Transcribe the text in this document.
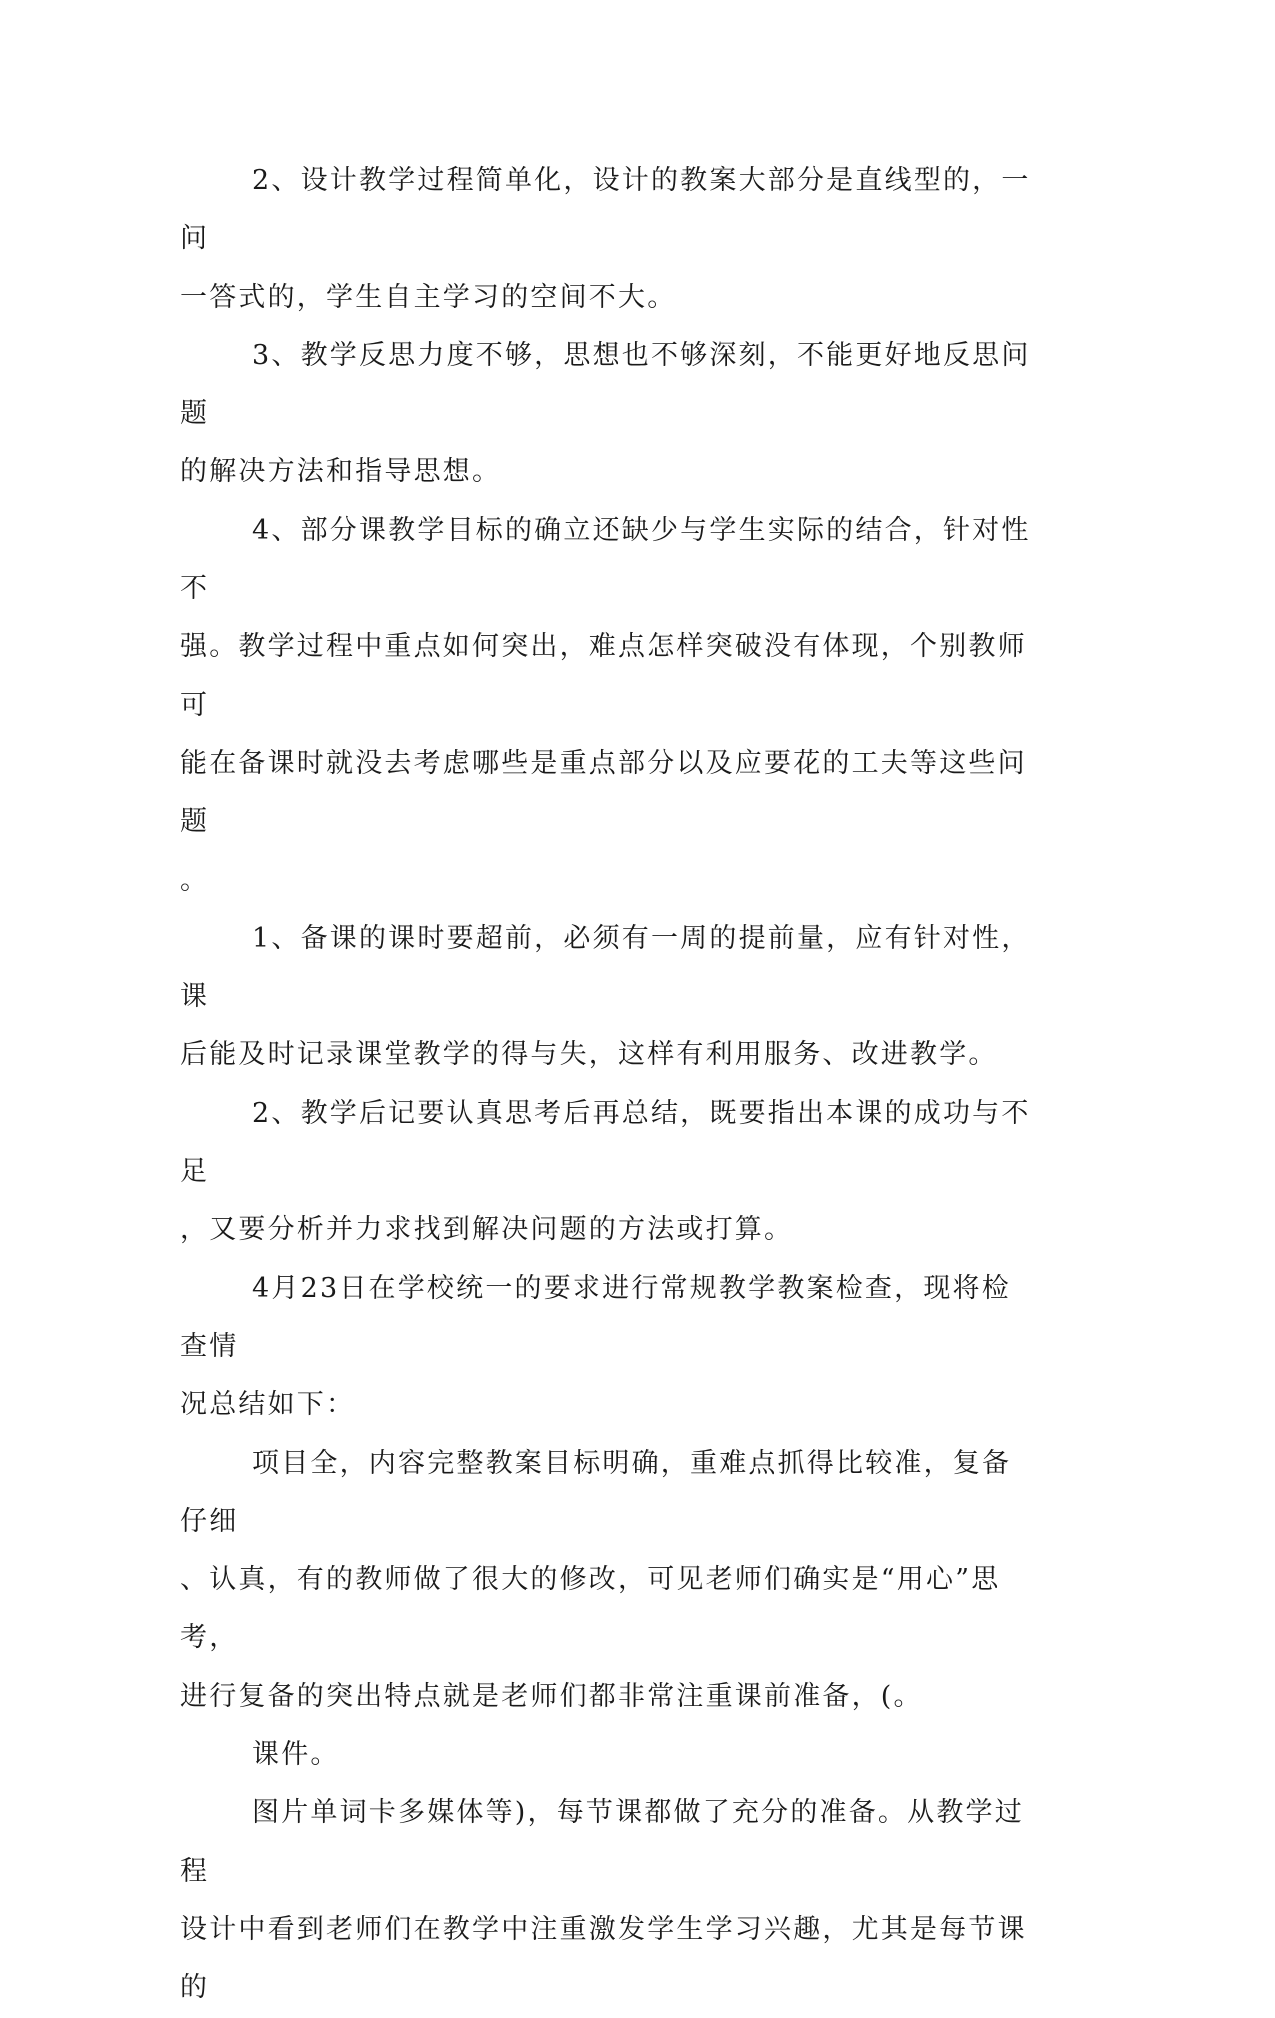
2、设计教学过程简单化，设计的教案大部分是直线型的，一问
一答式的，学生自主学习的空间不大。

3、教学反思力度不够，思想也不够深刻，不能更好地反思问题
的解决方法和指导思想。

4、部分课教学目标的确立还缺少与学生实际的结合，针对性不
强。教学过程中重点如何突出，难点怎样突破没有体现，个别教师可
能在备课时就没去考虑哪些是重点部分以及应要花的工夫等这些问题
。

1、备课的课时要超前，必须有一周的提前量，应有针对性，课
后能及时记录课堂教学的得与失，这样有利用服务、改进教学。

2、教学后记要认真思考后再总结，既要指出本课的成功与不足
，又要分析并力求找到解决问题的方法或打算。

4月23日在学校统一的要求进行常规教学教案检查，现将检查情
况总结如下：

项目全，内容完整教案目标明确，重难点抓得比较准，复备仔细
、认真，有的教师做了很大的修改，可见老师们确实是“用心”思考，
进行复备的突出特点就是老师们都非常注重课前准备，(。

课件。

图片单词卡多媒体等)，每节课都做了充分的准备。从教学过程
设计中看到老师们在教学中注重激发学生学习兴趣，尤其是每节课的
